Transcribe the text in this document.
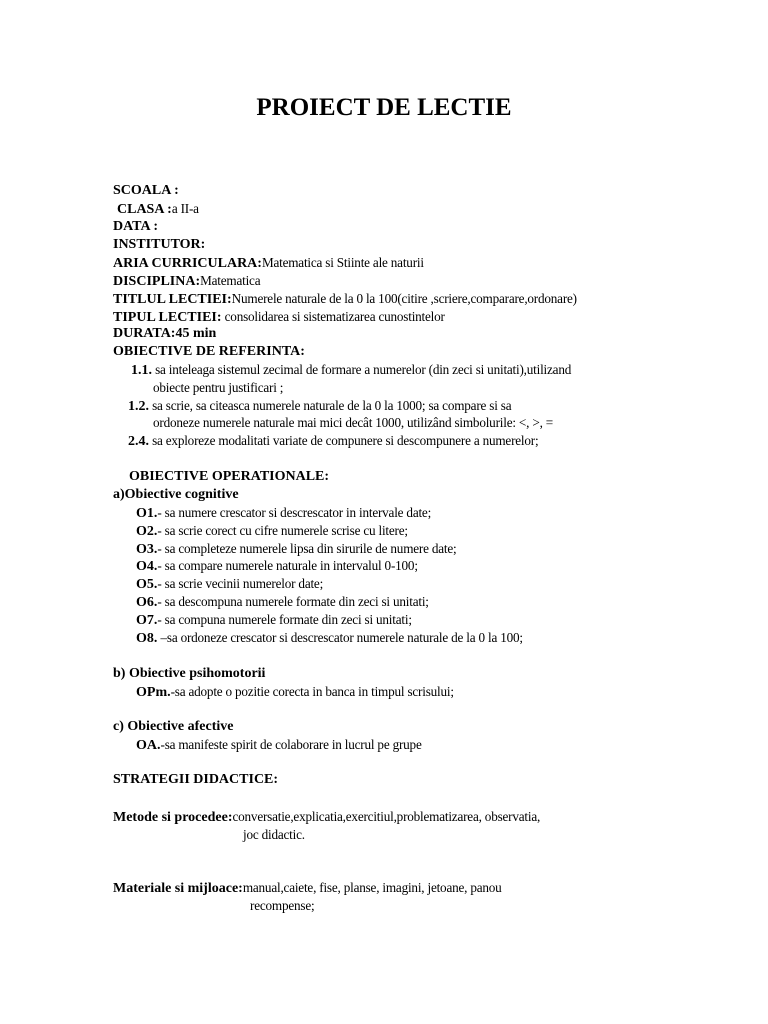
PROIECT DE LECTIE
SCOALA :
CLASA :a II-a
DATA :
INSTITUTOR:
ARIA CURRICULARA:Matematica si Stiinte ale naturii
DISCIPLINA:Matematica
TITLUL LECTIEI:Numerele naturale de la 0 la 100(citire ,scriere,comparare,ordonare)
TIPUL LECTIEI: consolidarea si sistematizarea cunostintelor
DURATA:45 min
OBIECTIVE DE REFERINTA:
1.1. sa inteleaga sistemul zecimal de formare a numerelor (din zeci si unitati),utilizand
obiecte pentru justificari ;
1.2. sa scrie, sa citeasca numerele naturale de la 0 la 1000; sa compare si sa
ordoneze numerele naturale mai mici decât 1000, utilizând simbolurile: <, >, =
2.4. sa exploreze modalitati variate de compunere si descompunere a numerelor;
OBIECTIVE OPERATIONALE:
a)Obiective cognitive
O1.- sa numere crescator si descrescator in intervale date;
O2.- sa scrie corect cu cifre numerele scrise cu litere;
O3.- sa completeze numerele lipsa din sirurile de numere date;
O4.- sa compare numerele naturale in intervalul 0-100;
O5.- sa scrie vecinii numerelor date;
O6.- sa descompuna numerele formate din zeci si unitati;
O7.- sa compuna numerele formate din zeci si unitati;
O8. –sa ordoneze crescator si descrescator numerele naturale de la 0 la 100;
b) Obiective psihomotorii
OPm.-sa adopte o pozitie corecta in banca in timpul scrisului;
c) Obiective afective
OA.-sa manifeste spirit de colaborare in lucrul pe grupe
STRATEGII DIDACTICE:
Metode si procedee:conversatie,explicatia,exercitiul,problematizarea, observatia,
joc didactic.
Materiale si mijloace:manual,caiete, fise, planse, imagini, jetoane, panou
recompense;
